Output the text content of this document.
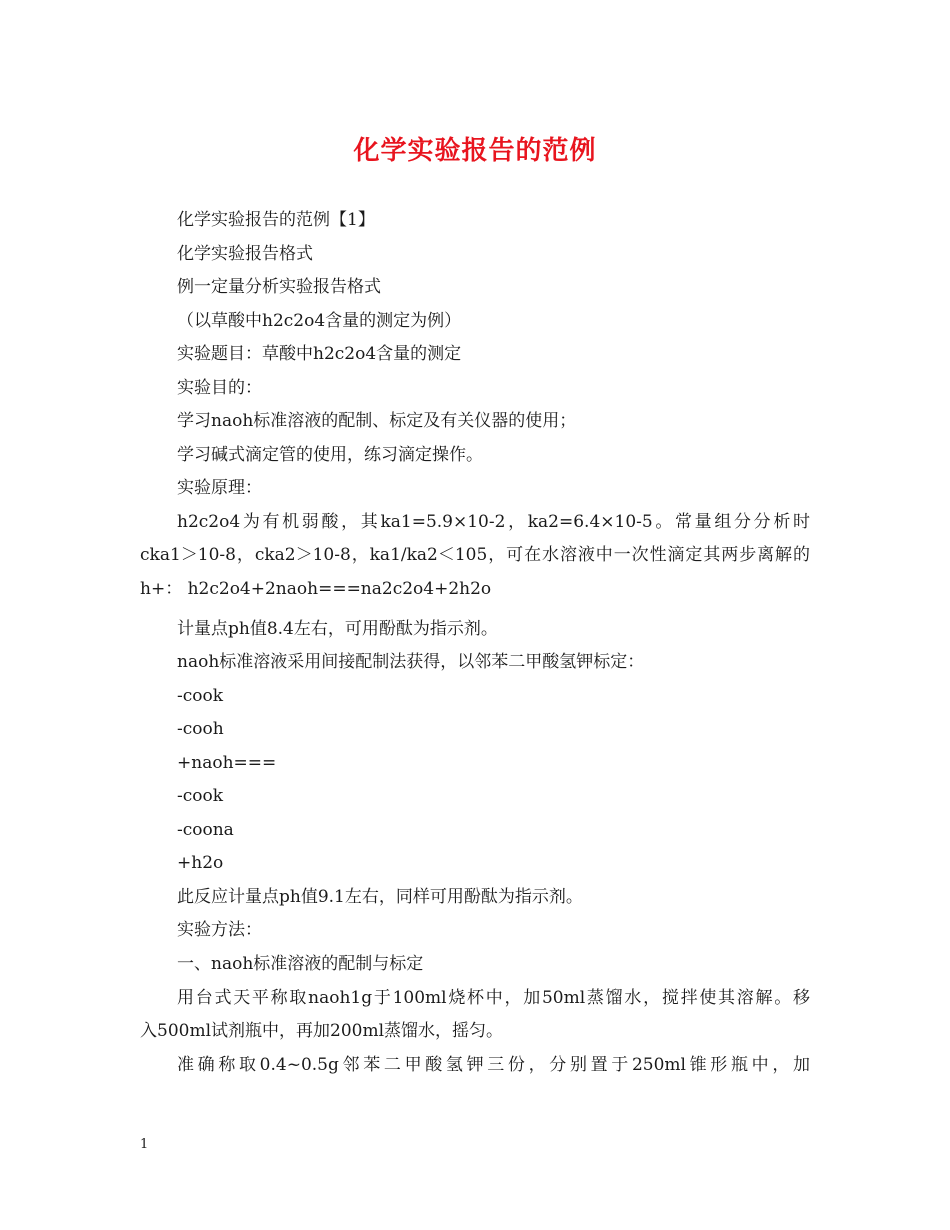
化学实验报告的范例
化学实验报告的范例【1】
化学实验报告格式
例一定量分析实验报告格式
（以草酸中h2c2o4含量的测定为例）
实验题目：草酸中h2c2o4含量的测定
实验目的：
学习naoh标准溶液的配制、标定及有关仪器的使用；
学习碱式滴定管的使用，练习滴定操作。
实验原理：
h2c2o4为有机弱酸，其ka1=5.9×10-2，ka2=6.4×10-5。常量组分分析时
cka1＞10-8，cka2＞10-8，ka1/ka2＜105，可在水溶液中一次性滴定其两步离解的
h+： h2c2o4+2naoh===na2c2o4+2h2o
计量点ph值8.4左右，可用酚酞为指示剂。
naoh标准溶液采用间接配制法获得，以邻苯二甲酸氢钾标定：
-cook
-cooh
+naoh===
-cook
-coona
+h2o
此反应计量点ph值9.1左右，同样可用酚酞为指示剂。
实验方法：
一、naoh标准溶液的配制与标定
用台式天平称取naoh1g于100ml烧杯中，加50ml蒸馏水，搅拌使其溶解。移
入500ml试剂瓶中，再加200ml蒸馏水，摇匀。
准确称取0.4~0.5g邻苯二甲酸氢钾三份，分别置于250ml锥形瓶中，加
1
